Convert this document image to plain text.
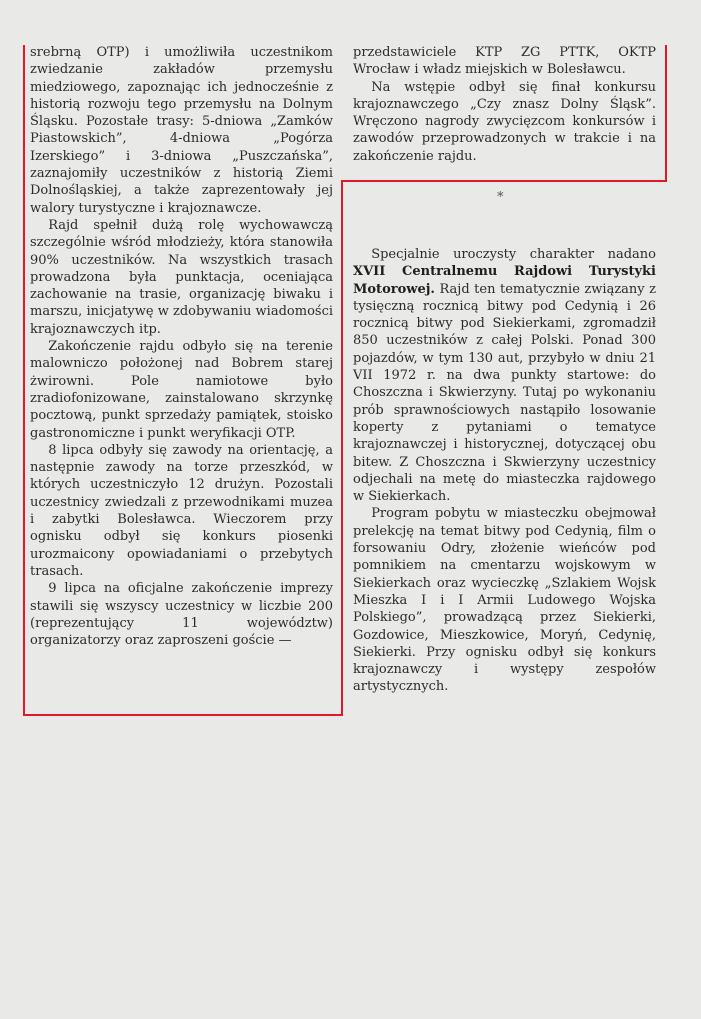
srebrną OTP) i umożliwiła uczestnikom zwiedzanie zakładów przemysłu miedziowego, zapoznając ich jednocześnie z historią rozwoju tego przemysłu na Dolnym Śląsku. Pozostałe trasy: 5-dniowa „Zamków Piastowskich”, 4-dniowa „Pogórza Izerskiego” i 3-dniowa „Puszczańska”, zaznajomiły uczestników z historią Ziemi Dolnośląskiej, a także zaprezentowały jej walory turystyczne i krajoznawcze.

Rajd spełnił dużą rolę wychowawczą szczególnie wśród młodzieży, która stanowiła 90% uczestników. Na wszystkich trasach prowadzona była punktacja, oceniająca zachowanie na trasie, organizację biwaku i marszu, inicjatywę w zdobywaniu wiadomości krajoznawczych itp.

Zakończenie rajdu odbyło się na terenie malowniczo położonej nad Bobrem starej żwirowni. Pole namiotowe było zradiofonizowane, zainstalowano skrzynkę pocztową, punkt sprzedaży pamiątek, stoisko gastronomiczne i punkt weryfikacji OTP.

8 lipca odbyły się zawody na orientację, a następnie zawody na torze przeszkód, w których uczestniczyło 12 drużyn. Pozostali uczestnicy zwiedzali z przewodnikami muzea i zabytki Bolesławca. Wieczorem przy ognisku odbył się konkurs piosenki urozmaicony opowiadaniami o przebytych trasach.

9 lipca na oficjalne zakończenie imprezy stawili się wszyscy uczestnicy w liczbie 200 (reprezentujący 11 województw) organizatorzy oraz zaproszeni goście —

przedstawiciele KTP ZG PTTK, OKTP Wrocław i władz miejskich w Bolesławcu.

Na wstępie odbył się finał konkursu krajoznawczego „Czy znasz Dolny Śląsk”. Wręczono nagrody zwycięzcom konkursów i zawodów przeprowadzonych w trakcie i na zakończenie rajdu.

*

Specjalnie uroczysty charakter nadano XVII Centralnemu Rajdowi Turystyki Motorowej. Rajd ten tematycznie związany z tysięczną rocznicą bitwy pod Cedynią i 26 rocznicą bitwy pod Siekierkami, zgromadził 850 uczestników z całej Polski. Ponad 300 pojazdów, w tym 130 aut, przybyło w dniu 21 VII 1972 r. na dwa punkty startowe: do Choszczna i Skwierzyny. Tutaj po wykonaniu prób sprawnościowych nastąpiło losowanie koperty z pytaniami o tematyce krajoznawczej i historycznej, dotyczącej obu bitew. Z Choszczna i Skwierzyny uczestnicy odjechali na metę do miasteczka rajdowego w Siekierkach.

Program pobytu w miasteczku obejmował prelekcję na temat bitwy pod Cedynią, film o forsowaniu Odry, złożenie wieńców pod pomnikiem na cmentarzu wojskowym w Siekierkach oraz wycieczkę „Szlakiem Wojsk Mieszka I i I Armii Ludowego Wojska Polskiego”, prowadzącą przez Siekierki, Gozdowice, Mieszkowice, Moryń, Cedynię, Siekierki. Przy ognisku odbył się konkurs krajoznawczy i występy zespołów artystycznych.
